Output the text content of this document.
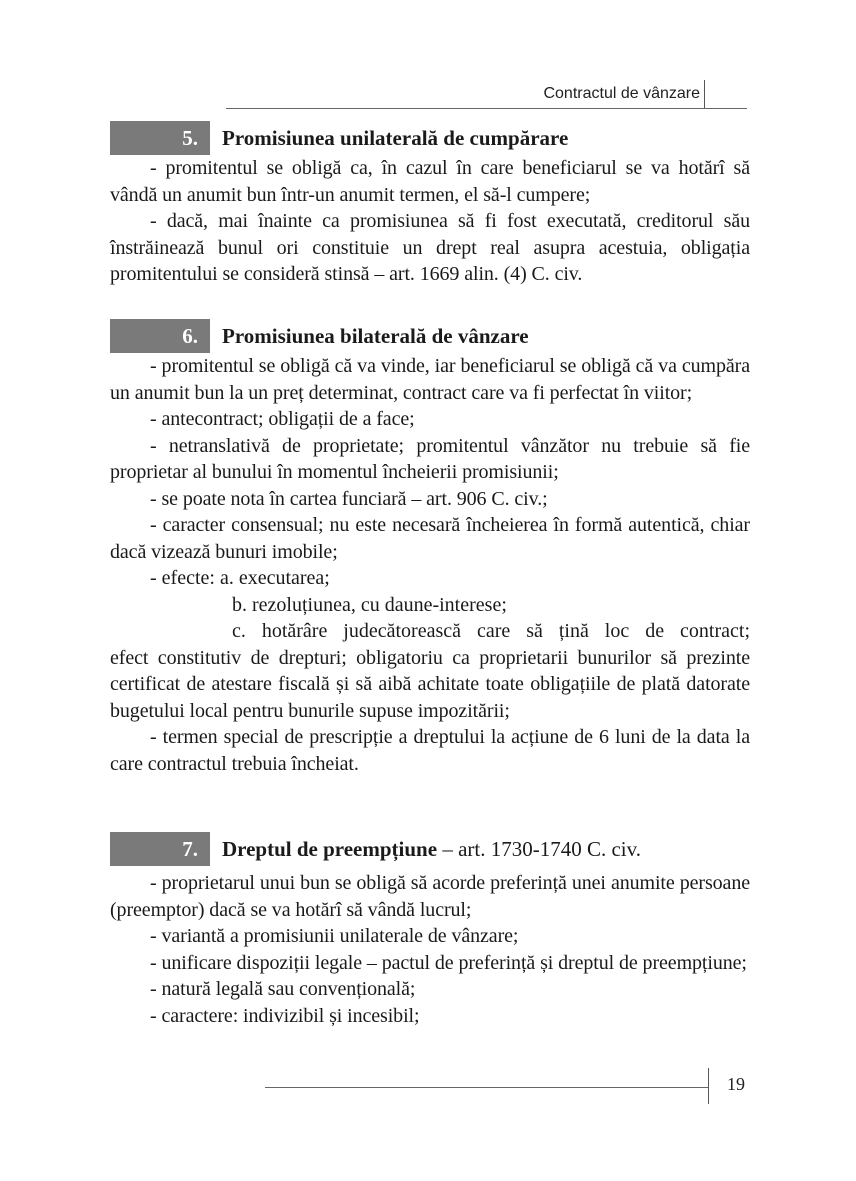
Contractul de vânzare
5.	Promisiunea unilaterală de cumpărare

- promitentul se obligă ca, în cazul în care beneficiarul se va hotărî să vândă un anumit bun într-un anumit termen, el să-l cumpere;

- dacă, mai înainte ca promisiunea să fi fost executată, creditorul său înstrăinează bunul ori constituie un drept real asupra acestuia, obligația promitentului se consideră stinsă – art. 1669 alin. (4) C. civ.

6.	Promisiunea bilaterală de vânzare

- promitentul se obligă că va vinde, iar beneficiarul se obligă că va cumpăra un anumit bun la un preț determinat, contract care va fi perfectat în viitor;

- antecontract; obligații de a face;

- netranslativă de proprietate; promitentul vânzător nu trebuie să fie proprietar al bunului în momentul încheierii promisiunii;

- se poate nota în cartea funciară – art. 906 C. civ.;

- caracter consensual; nu este necesară încheierea în formă autentică, chiar dacă vizează bunuri imobile;

- efecte: a. executarea;

b. rezoluțiunea, cu daune-interese;

c. hotărâre judecătorească care să țină loc de contract;

efect constitutiv de drepturi; obligatoriu ca proprietarii bunurilor să prezinte certificat de atestare fiscală și să aibă achitate toate obligațiile de plată datorate bugetului local pentru bunurile supuse impozitării;

- termen special de prescripție a dreptului la acțiune de 6 luni de la data la care contractul trebuia încheiat.

7.	Dreptul de preempțiune – art. 1730-1740 C. civ.

- proprietarul unui bun se obligă să acorde preferință unei anumite persoane (preemptor) dacă se va hotărî să vândă lucrul;

- variantă a promisiunii unilaterale de vânzare;

- unificare dispoziții legale – pactul de preferință și dreptul de preempțiune;

- natură legală sau convențională;

- caractere: indivizibil și incesibil;

19
